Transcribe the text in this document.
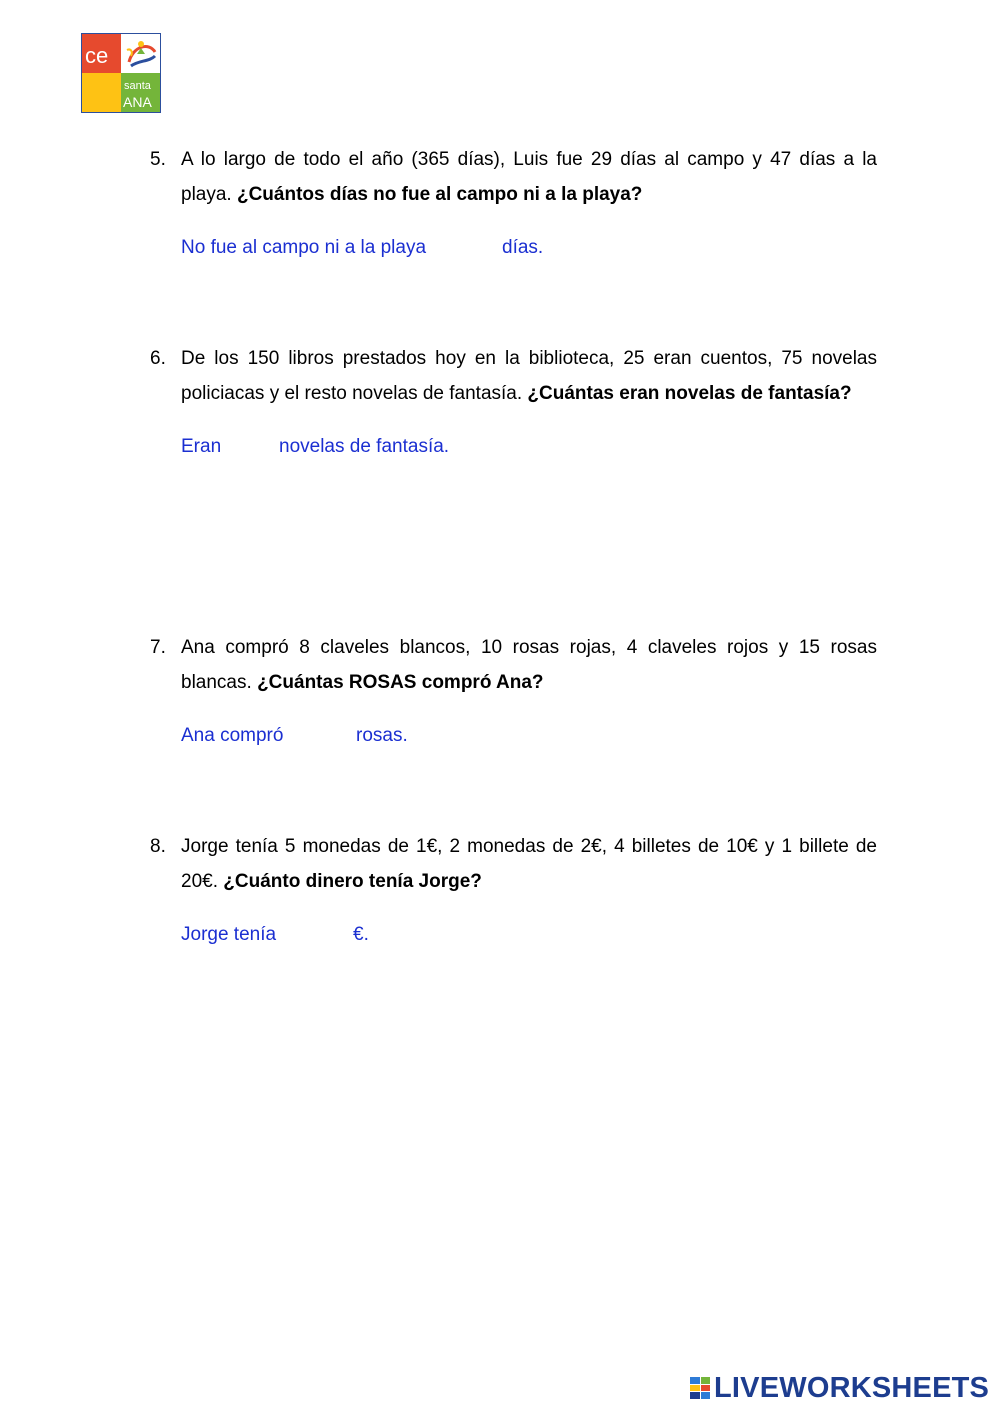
ce
santa
ANA
5. A lo largo de todo el año (365 días), Luis fue 29 días al campo y 47 días a la playa. ¿Cuántos días no fue al campo ni a la playa?
No fue al campo ni a la playa	días.
6. De los 150 libros prestados hoy en la biblioteca, 25 eran cuentos, 75 novelas policiacas y el resto novelas de fantasía. ¿Cuántas eran novelas de fantasía?
Eran	novelas de fantasía.
7. Ana compró 8 claveles blancos, 10 rosas rojas, 4 claveles rojos y 15 rosas blancas. ¿Cuántas ROSAS compró Ana?
Ana compró	rosas.
8. Jorge tenía 5 monedas de 1€, 2 monedas de 2€, 4 billetes de 10€ y 1 billete de 20€. ¿Cuánto dinero tenía Jorge?
Jorge tenía	€.
LIVEWORKSHEETS
